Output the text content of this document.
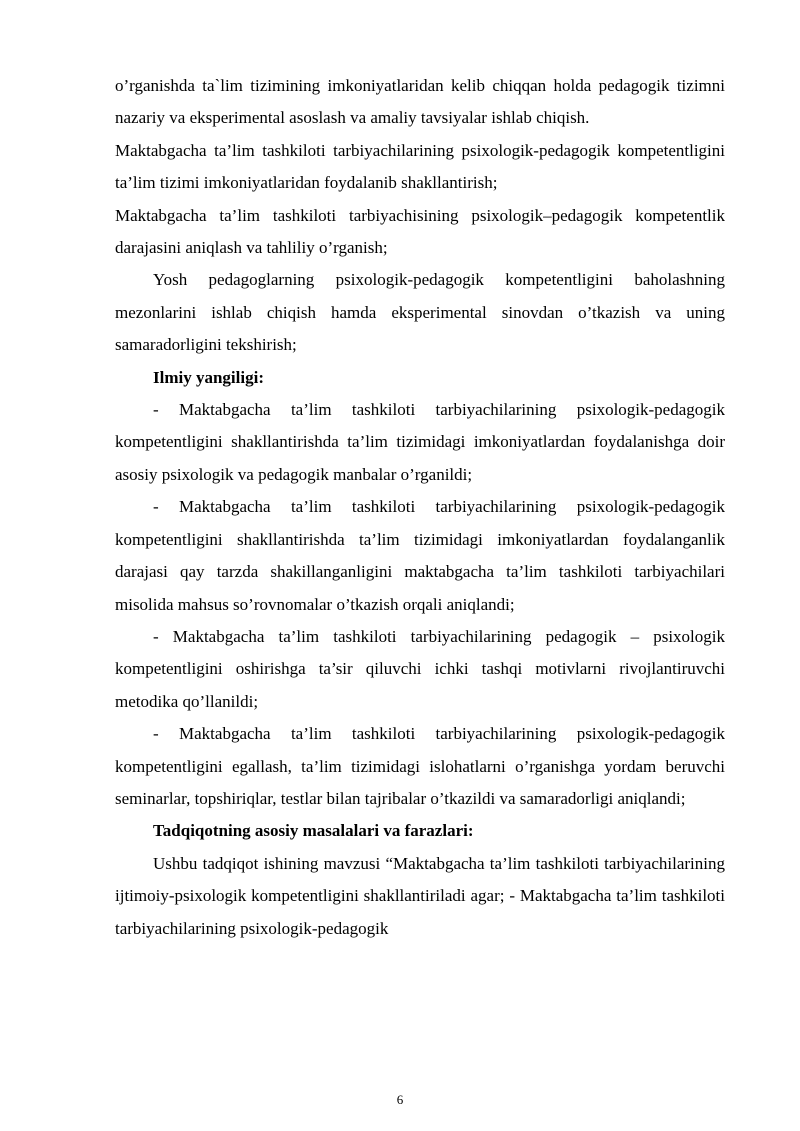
o’rganishda ta`lim tizimining imkoniyatlaridan kelib chiqqan holda pedagogik tizimni nazariy va eksperimental asoslash va amaliy tavsiyalar ishlab chiqish.

Maktabgacha ta’lim tashkiloti tarbiyachilarining psixologik-pedagogik kompetentligini ta’lim tizimi imkoniyatlaridan foydalanib shakllantirish;

Maktabgacha ta’lim tashkiloti tarbiyachisining psixologik–pedagogik kompetentlik darajasini aniqlash va tahliliy o’rganish;

Yosh pedagoglarning psixologik-pedagogik kompetentligini baholashning mezonlarini ishlab chiqish hamda eksperimental sinovdan o’tkazish va uning samaradorligini tekshirish;

Ilmiy yangiligi:

- Maktabgacha ta’lim tashkiloti tarbiyachilarining psixologik-pedagogik kompetentligini shakllantirishda ta’lim tizimidagi imkoniyatlardan foydalanishga doir asosiy psixologik va pedagogik manbalar o’rganildi;

- Maktabgacha ta’lim tashkiloti tarbiyachilarining psixologik-pedagogik kompetentligini shakllantirishda ta’lim tizimidagi imkoniyatlardan foydalanganlik darajasi qay tarzda shakillanganligini maktabgacha ta’lim tashkiloti tarbiyachilari misolida mahsus so’rovnomalar o’tkazish orqali aniqlandi;

- Maktabgacha ta’lim tashkiloti tarbiyachilarining pedagogik – psixologik kompetentligini oshirishga ta’sir qiluvchi ichki tashqi motivlarni rivojlantiruvchi metodika qo’llanildi;

- Maktabgacha ta’lim tashkiloti tarbiyachilarining psixologik-pedagogik kompetentligini egallash, ta’lim tizimidagi islohatlarni o’rganishga yordam beruvchi seminarlar, topshiriqlar, testlar bilan tajribalar o’tkazildi va samaradorligi aniqlandi;

Tadqiqotning asosiy masalalari va farazlari:

Ushbu tadqiqot ishining mavzusi “Maktabgacha ta’lim tashkiloti tarbiyachilarining ijtimoiy-psixologik kompetentligini shakllantiriladi agar; - Maktabgacha ta’lim tashkiloti tarbiyachilarining psixologik-pedagogik

6
